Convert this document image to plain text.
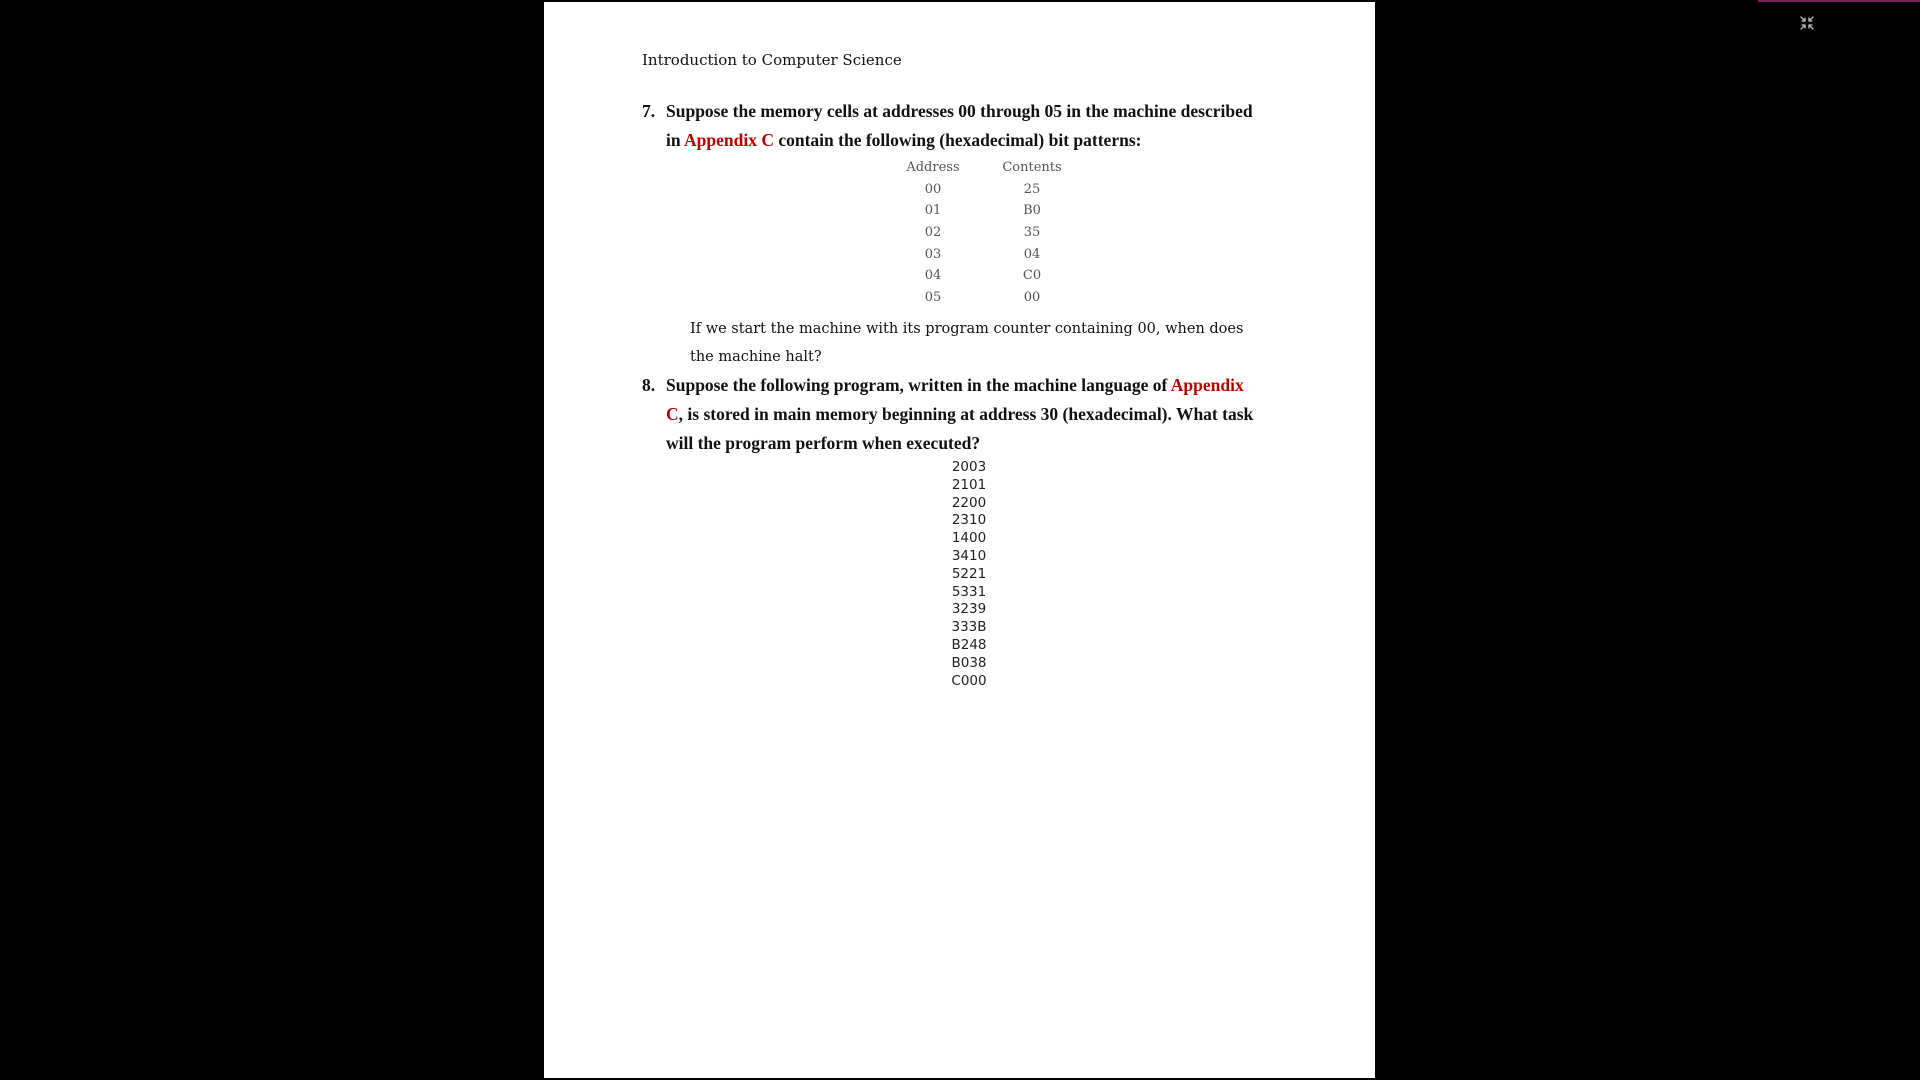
Introduction to Computer Science
7. Suppose the memory cells at addresses 00 through 05 in the machine described in Appendix C contain the following (hexadecimal) bit patterns:

Address	Contents
00	25
01	B0
02	35
03	04
04	C0
05	00

If we start the machine with its program counter containing 00, when does the machine halt?

8. Suppose the following program, written in the machine language of Appendix C, is stored in main memory beginning at address 30 (hexadecimal). What task will the program perform when executed?

2003
2101
2200
2310
1400
3410
5221
5331
3239
333B
B248
B038
C000
